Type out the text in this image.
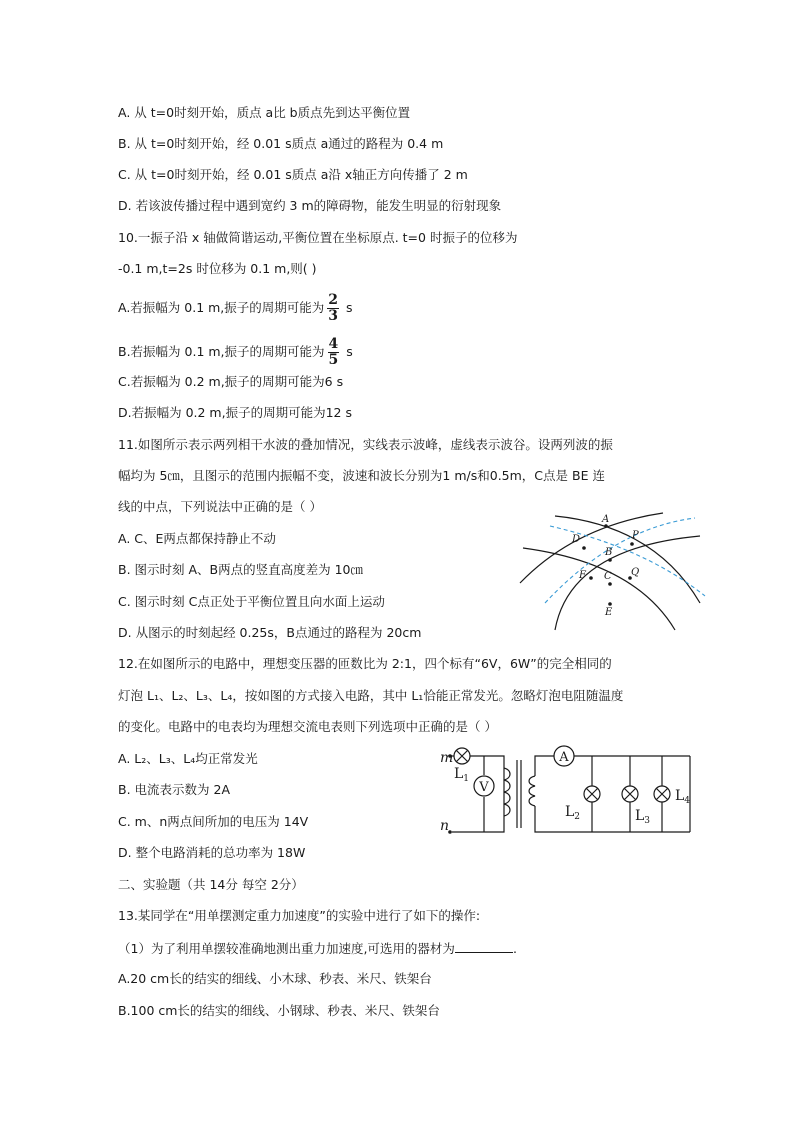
A. 从 t=0时刻开始，质点 a比 b质点先到达平衡位置
B. 从 t=0时刻开始，经 0.01 s质点 a通过的路程为 0.4 m
C. 从 t=0时刻开始，经 0.01 s质点 a沿 x轴正方向传播了 2 m
D. 若该波传播过程中遇到宽约 3 m的障碍物，能发生明显的衍射现象
10.一振子沿 x 轴做简谐运动,平衡位置在坐标原点. t=0 时振子的位移为
-0.1 m,t=2s 时位移为 0.1 m,则( )
A.若振幅为 0.1 m,振子的周期可能为 $\frac{2}{3}$ s
B.若振幅为 0.1 m,振子的周期可能为 $\frac{4}{5}$ s
C.若振幅为 0.2 m,振子的周期可能为6 s
D.若振幅为 0.2 m,振子的周期可能为12 s
11.如图所示表示两列相干水波的叠加情况，实线表示波峰，虚线表示波谷。设两列波的振
幅均为 5㎝，且图示的范围内振幅不变，波速和波长分别为1 m/s和0.5m，C点是 BE 连
线的中点，下列说法中正确的是（ ）
A. C、E两点都保持静止不动
B. 图示时刻 A、B两点的竖直高度差为 10㎝
C. 图示时刻 C点正处于平衡位置且向水面上运动
D. 从图示的时刻起经 0.25s，B点通过的路程为 20cm
A
D	P
B
F C Q
E
12.在如图所示的电路中，理想变压器的匝数比为 2:1，四个标有“6V，6W”的完全相同的
灯泡 L₁、L₂、L₃、L₄，按如图的方式接入电路，其中 L₁恰能正常发光。忽略灯泡电阻随温度
的变化。电路中的电表均为理想交流电表则下列选项中正确的是（ ）
A. L₂、L₃、L₄均正常发光
B. 电流表示数为 2A
C. m、n两点间所加的电压为 14V
D. 整个电路消耗的总功率为 18W
V
A
m
n
$L_1$
$L_2$	$L_3$
$L_4$
二、实验题（共 14分 每空 2分）
13.某同学在“用单摆测定重力加速度”的实验中进行了如下的操作:
（1）为了利用单摆较准确地测出重力加速度,可选用的器材为	.
A.20 cm长的结实的细线、小木球、秒表、米尺、铁架台
B.100 cm长的结实的细线、小钢球、秒表、米尺、铁架台
